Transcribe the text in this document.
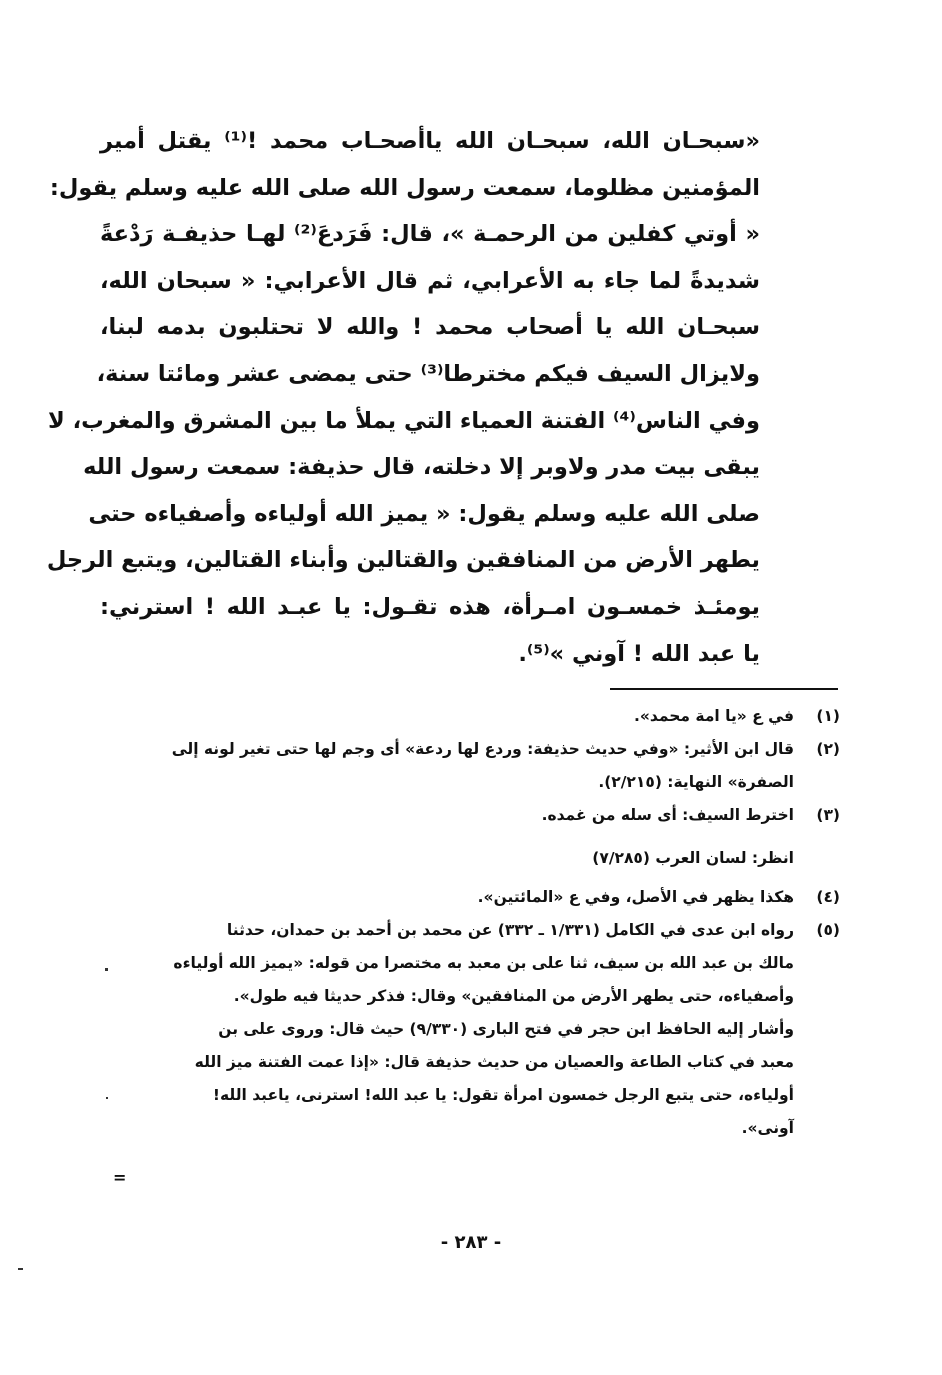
«سبحـان الله، سبحـان الله ياأصحـاب محمد !⁽¹⁾ يقتل أمير
المؤمنين مظلوما، سمعت رسول الله صلى الله عليه وسلم يقول:
« أوتي كفلين من الرحمـة »، قال: فَرَدعَ⁽²⁾ لهـا حذيفـة رَدْعةً
شديدةً لما جاء به الأعرابي، ثم قال الأعرابي: « سبحان الله،
سبحـان الله يا أصحاب محمد ! والله لا تحتلبون بدمه لبنا،
ولايزال السيف فيكم مخترطا⁽³⁾ حتى يمضى عشر ومائتا سنة،
وفي الناس⁽⁴⁾ الفتنة العمياء التي يملأ ما بين المشرق والمغرب، لا
يبقى بيت مدر ولاوبر إلا دخلته، قال حذيفة: سمعت رسول الله
صلى الله عليه وسلم يقول: « يميز الله أولياءه وأصفياءه حتى
يطهر الأرض من المنافقين والقتالين وأبناء القتالين، ويتبع الرجل
يومئـذ خمسـون امـرأة، هذه تقـول: يا عبـد الله ! استرني:
يا عبد الله ! آوني »⁽⁵⁾.
(١)
في ع «يا امة محمد».
(٢)
قال ابن الأثير: «وفي حديث حذيفة: وردع لها ردعة» أى وجم لها حتى تغير لونه إلى
الصفرة» النهاية: (٢/٢١٥).
(٣)
اخترط السيف: أى سله من غمده.
انظر: لسان العرب (٧/٢٨٥)
(٤)
هكذا يظهر في الأصل، وفي ع «المائتين».
(٥)
رواه ابن عدى في الكامل (١/٣٣١ ـ ٣٣٢) عن محمد بن أحمد بن حمدان، حدثنا
مالك بن عبد الله بن سيف، ثنا على بن معبد به مختصرا من قوله: «يميز الله أولياءه
وأصفياءه، حتى يطهر الأرض من المنافقين» وقال: فذكر حديثا فيه طول».
وأشار إليه الحافظ ابن حجر في فتح البارى (٩/٣٣٠) حيث قال: وروى على بن
معبد في كتاب الطاعة والعصيان من حديث حذيفة قال: «إذا عمت الفتنة ميز الله
أولياءه، حتى يتبع الرجل خمسون امرأة تقول: يا عبد الله! استرنى، ياعبد الله!
آونى».
=
- ٢٨٣ -
